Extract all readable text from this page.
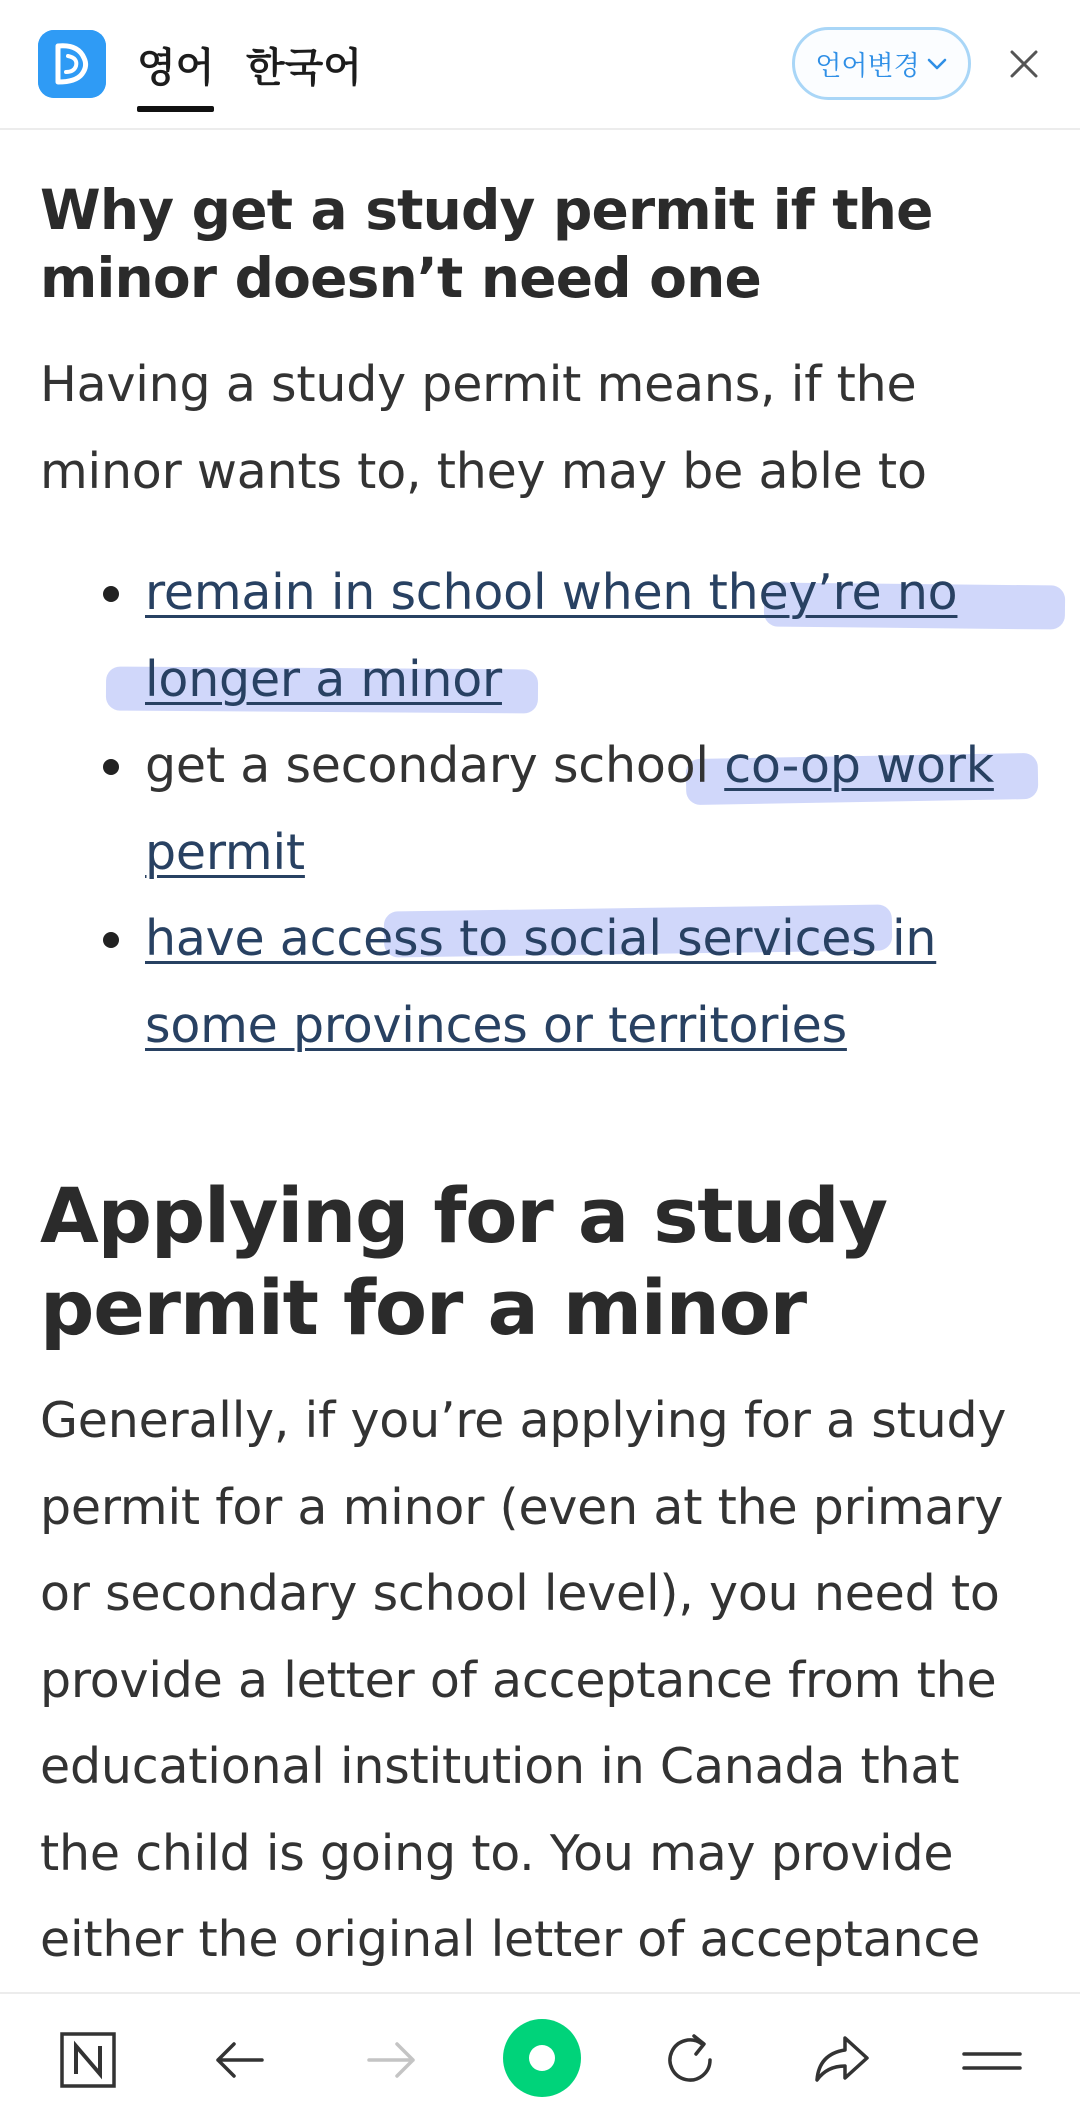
영어 한국어	언어변경
Why get a study permit if the minor doesn’t need one
Having a study permit means, if the minor wants to, they may be able to
remain in school when they’re no longer a minor
get a secondary school co-op work permit
have access to social services in some provinces or territories
Applying for a study permit for a minor
Generally, if you’re applying for a study permit for a minor (even at the primary or secondary school level), you need to provide a letter of acceptance from the educational institution in Canada that the child is going to. You may provide either the original letter of acceptance
